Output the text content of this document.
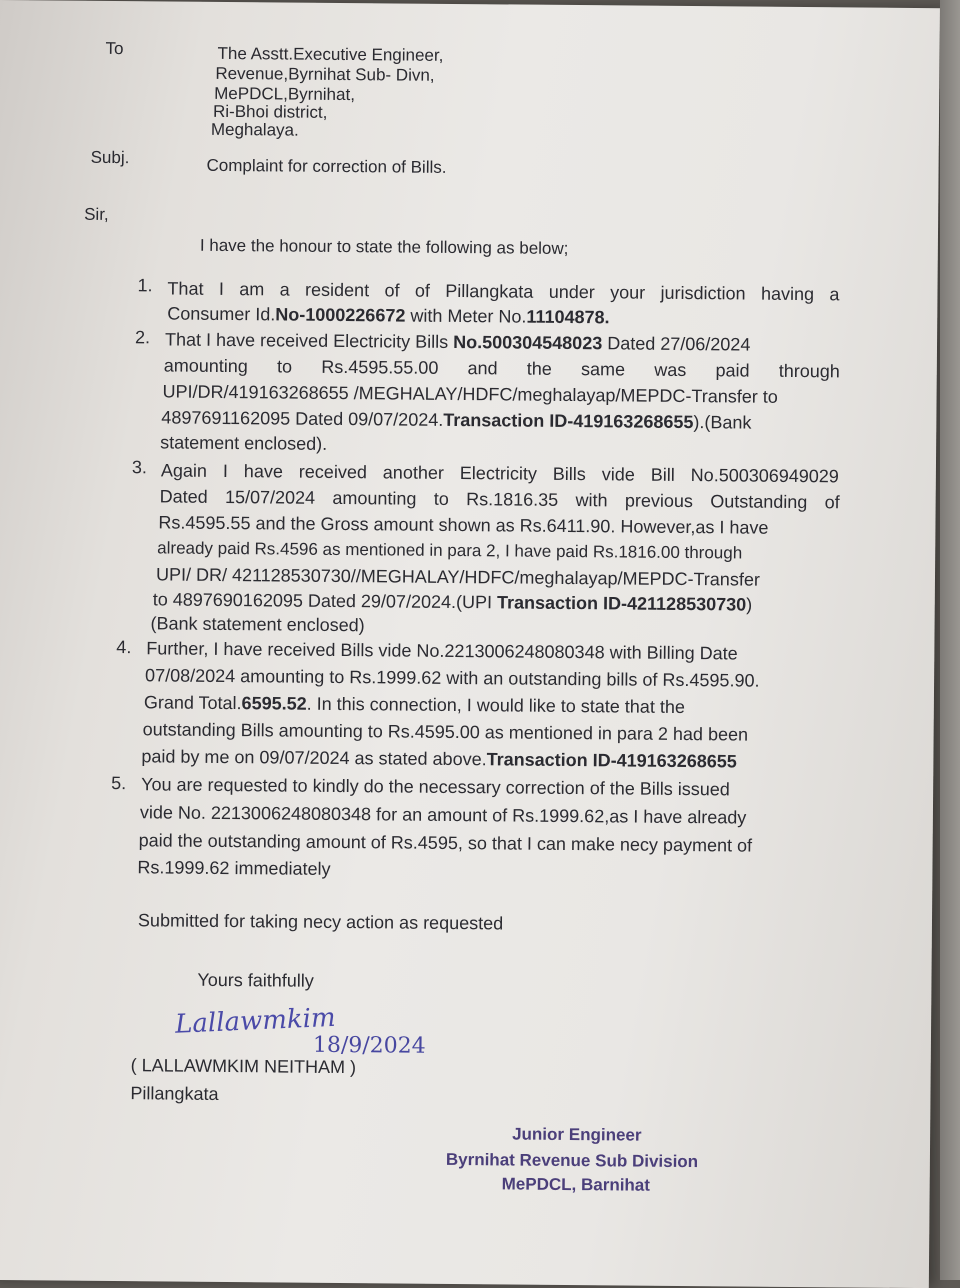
To	The Asstt.Executive Engineer,
Revenue,Byrnihat Sub- Divn,
MePDCL,Byrnihat,
Ri-Bhoi district,
Meghalaya.
Subj.	Complaint for correction of Bills.
Sir,
I have the honour to state the following as below;
1. That I am a resident of of Pillangkata under your jurisdiction having a
Consumer Id.No-1000226672 with Meter No.11104878.
2. That I have received Electricity Bills No.500304548023 Dated 27/06/2024
amounting to Rs.4595.55.00 and the same was paid through
UPI/DR/419163268655 /MEGHALAY/HDFC/meghalayap/MEPDC-Transfer to
4897691162095 Dated 09/07/2024.Transaction ID-419163268655).(Bank
statement enclosed).
3. Again I have received another Electricity Bills vide Bill No.500306949029
Dated 15/07/2024 amounting to Rs.1816.35 with previous Outstanding of
Rs.4595.55 and the Gross amount shown as Rs.6411.90. However,as I have
already paid Rs.4596 as mentioned in para 2, I have paid Rs.1816.00 through
UPI/ DR/ 421128530730//MEGHALAY/HDFC/meghalayap/MEPDC-Transfer
to 4897690162095 Dated 29/07/2024.(UPI Transaction ID-421128530730)
(Bank statement enclosed)
4. Further, I have received Bills vide No.2213006248080348 with Billing Date
07/08/2024 amounting to Rs.1999.62 with an outstanding bills of Rs.4595.90.
Grand Total.6595.52. In this connection, I would like to state that the
outstanding Bills amounting to Rs.4595.00 as mentioned in para 2 had been
paid by me on 09/07/2024 as stated above.Transaction ID-419163268655
5. You are requested to kindly do the necessary correction of the Bills issued
vide No. 2213006248080348 for an amount of Rs.1999.62,as I have already
paid the outstanding amount of Rs.4595, so that I can make necy payment of
Rs.1999.62 immediately
Submitted for taking necy action as requested
Yours faithfully
Lallawmkim
18/9/2024
( LALLAWMKIM NEITHAM )
Pillangkata
Junior Engineer
Byrnihat Revenue Sub Division
MePDCL, Barnihat
